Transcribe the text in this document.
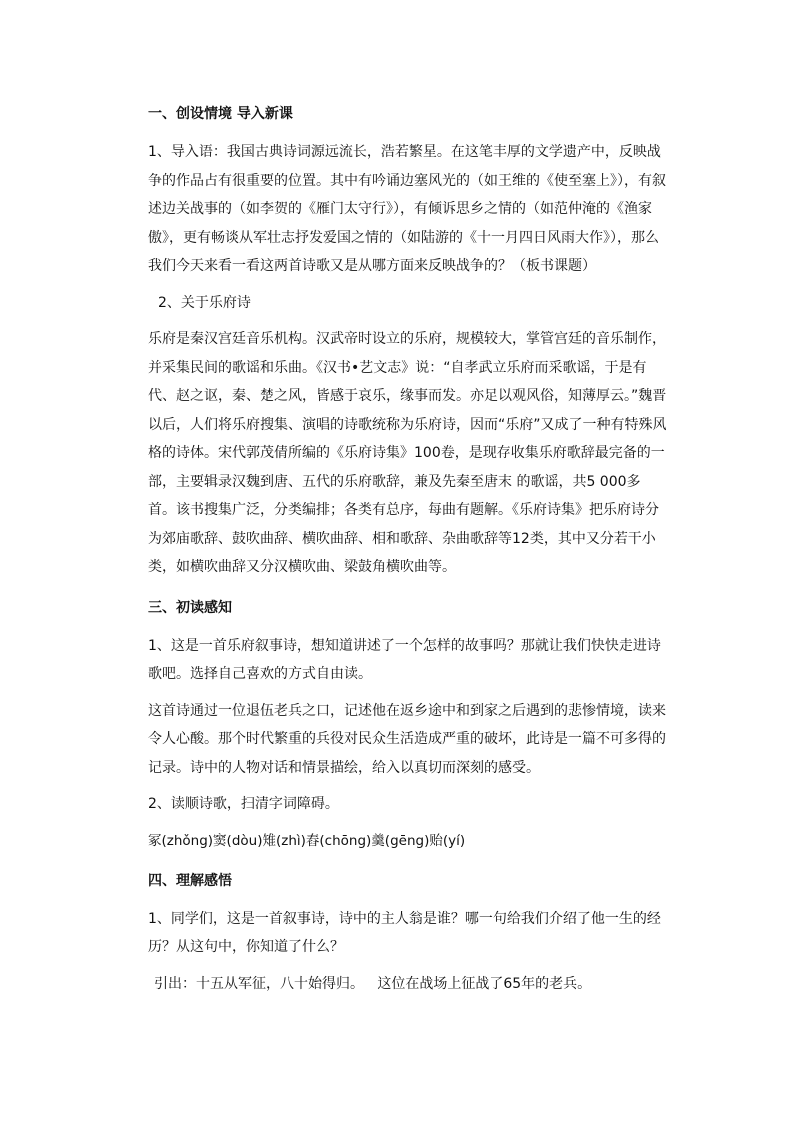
一、创设情境 导入新课
1、导入语：我国古典诗词源远流长，浩若繁星。在这笔丰厚的文学遗产中，反映战争的作品占有很重要的位置。其中有吟诵边塞风光的（如王维的《使至塞上》），有叙述边关战事的（如李贺的《雁门太守行》），有倾诉思乡之情的（如范仲淹的《渔家傲》，更有畅谈从军壮志抒发爱国之情的（如陆游的《十一月四日风雨大作》），那么我们今天来看一看这两首诗歌又是从哪方面来反映战争的？（板书课题）
2、关于乐府诗
乐府是秦汉宫廷音乐机构。汉武帝时设立的乐府，规模较大，掌管宫廷的音乐制作，并采集民间的歌谣和乐曲。《汉书•艺文志》说：“自孝武立乐府而采歌谣，于是有代、赵之讴，秦、楚之风，皆感于哀乐，缘事而发。亦足以观风俗，知薄厚云。”魏晋以后，人们将乐府搜集、演唱的诗歌统称为乐府诗，因而“乐府”又成了一种有特殊风格的诗体。宋代郭茂倩所编的《乐府诗集》100卷，是现存收集乐府歌辞最完备的一部，主要辑录汉魏到唐、五代的乐府歌辞，兼及先秦至唐末 的歌谣，共5 000多首。该书搜集广泛，分类编排；各类有总序，每曲有题解。《乐府诗集》把乐府诗分为郊庙歌辞、鼓吹曲辞、横吹曲辞、相和歌辞、杂曲歌辞等12类，其中又分若干小类，如横吹曲辞又分汉横吹曲、梁鼓角横吹曲等。
三、初读感知
1、这是一首乐府叙事诗，想知道讲述了一个怎样的故事吗？那就让我们快快走进诗歌吧。选择自己喜欢的方式自由读。
这首诗通过一位退伍老兵之口，记述他在返乡途中和到家之后遇到的悲惨情境，读来令人心酸。那个时代繁重的兵役对民众生活造成严重的破坏，此诗是一篇不可多得的记录。诗中的人物对话和情景描绘，给入以真切而深刻的感受。
2、读顺诗歌，扫清字词障碍。
冢(zhǒng)窦(dòu)雉(zhì)舂(chōng)羹(gēng)贻(yí)
四、理解感悟
1、同学们，这是一首叙事诗，诗中的主人翁是谁？哪一句给我们介绍了他一生的经历？从这句中，你知道了什么？
引出：十五从军征，八十始得归。   这位在战场上征战了65年的老兵。
